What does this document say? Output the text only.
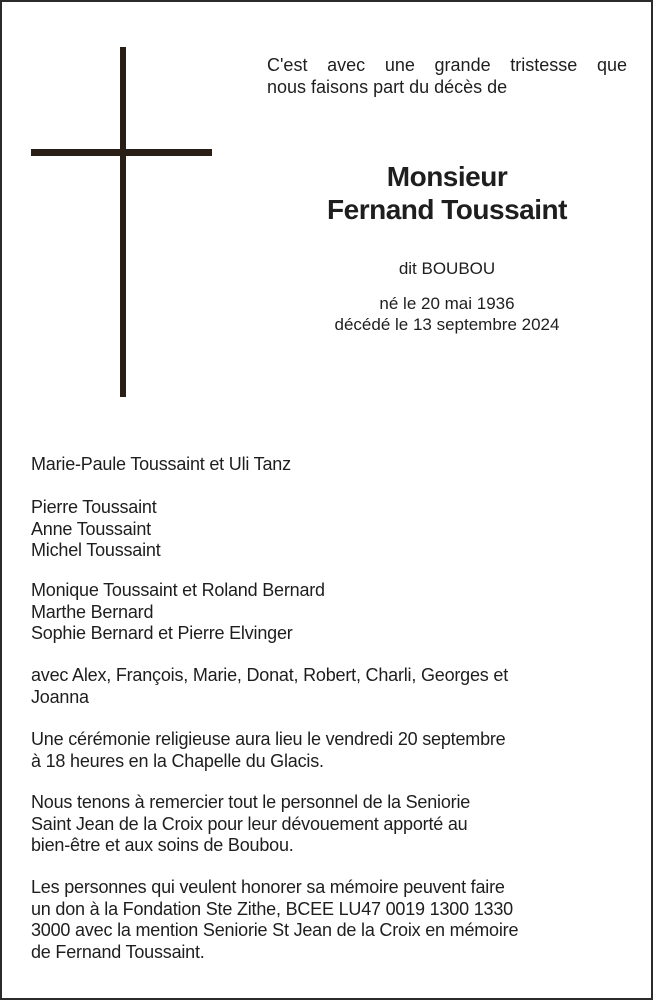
C'est avec une grande tristesse que
nous faisons part du décès de
Monsieur
Fernand Toussaint
dit BOUBOU
né le 20 mai 1936
décédé le 13 septembre 2024
Marie-Paule Toussaint et Uli Tanz
Pierre Toussaint
Anne Toussaint
Michel Toussaint
Monique Toussaint et Roland Bernard
Marthe Bernard
Sophie Bernard et Pierre Elvinger
avec Alex, François, Marie, Donat, Robert, Charli, Georges et
Joanna
Une cérémonie religieuse aura lieu le vendredi 20 septembre
à 18 heures en la Chapelle du Glacis.
Nous tenons à remercier tout le personnel de la Seniorie
Saint Jean de la Croix pour leur dévouement apporté au
bien-être et aux soins de Boubou.
Les personnes qui veulent honorer sa mémoire peuvent faire
un don à la Fondation Ste Zithe, BCEE LU47 0019 1300 1330
3000 avec la mention Seniorie St Jean de la Croix en mémoire
de Fernand Toussaint.
